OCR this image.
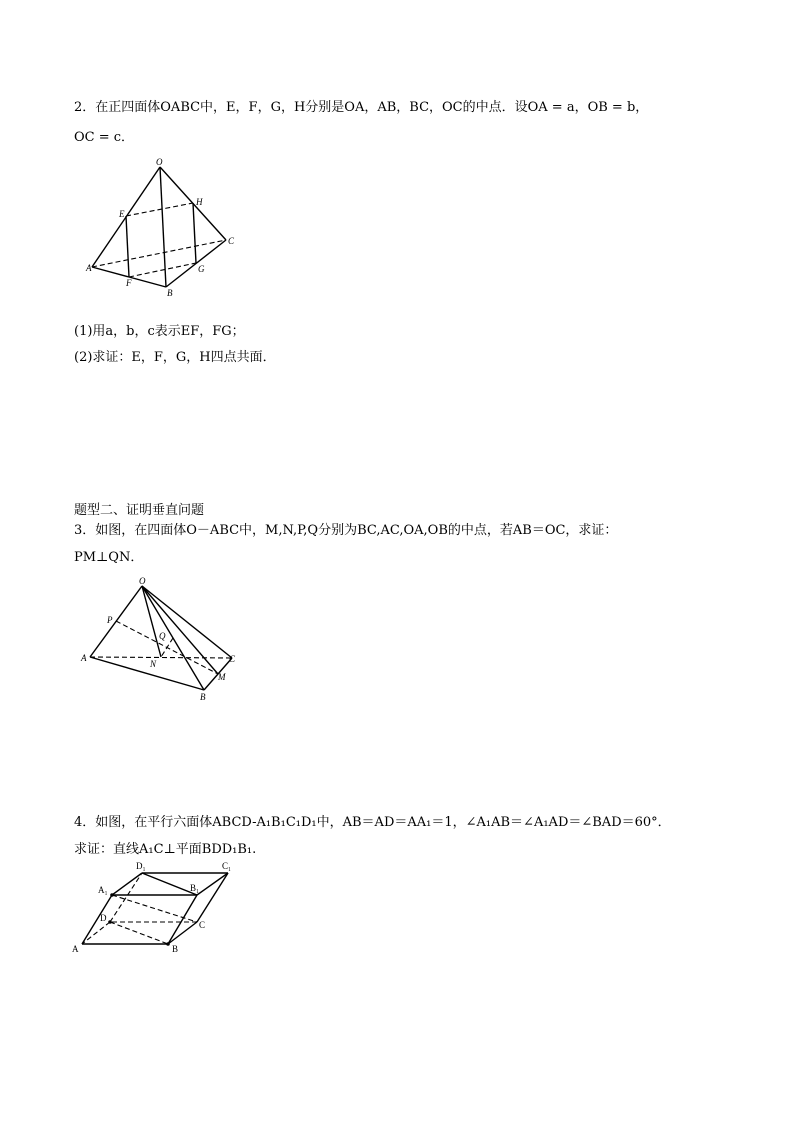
2．在正四面体OABC中，E，F，G，H分别是OA，AB，BC，OC的中点．设OA = a，OB = b，
OC = c．
O
E
H
C
A
F
B
G
(1)用a，b，c表示EF，FG；
(2)求证：E，F，G，H四点共面．
题型二、证明垂直问题
3．如图，在四面体O－ABC中，M,N,P,Q分别为BC,AC,OA,OB的中点，若AB＝OC，求证：
PM⊥QN．
O
P
Q
A
N	C
M
B
4．如图，在平行六面体ABCD-A₁B₁C₁D₁中，AB＝AD＝AA₁＝1，∠A₁AB＝∠A₁AD＝∠BAD＝60°．
求证：直线A₁C⊥平面BDD₁B₁.
D₁	C₁
A₁	B₁
D
C
A	B
